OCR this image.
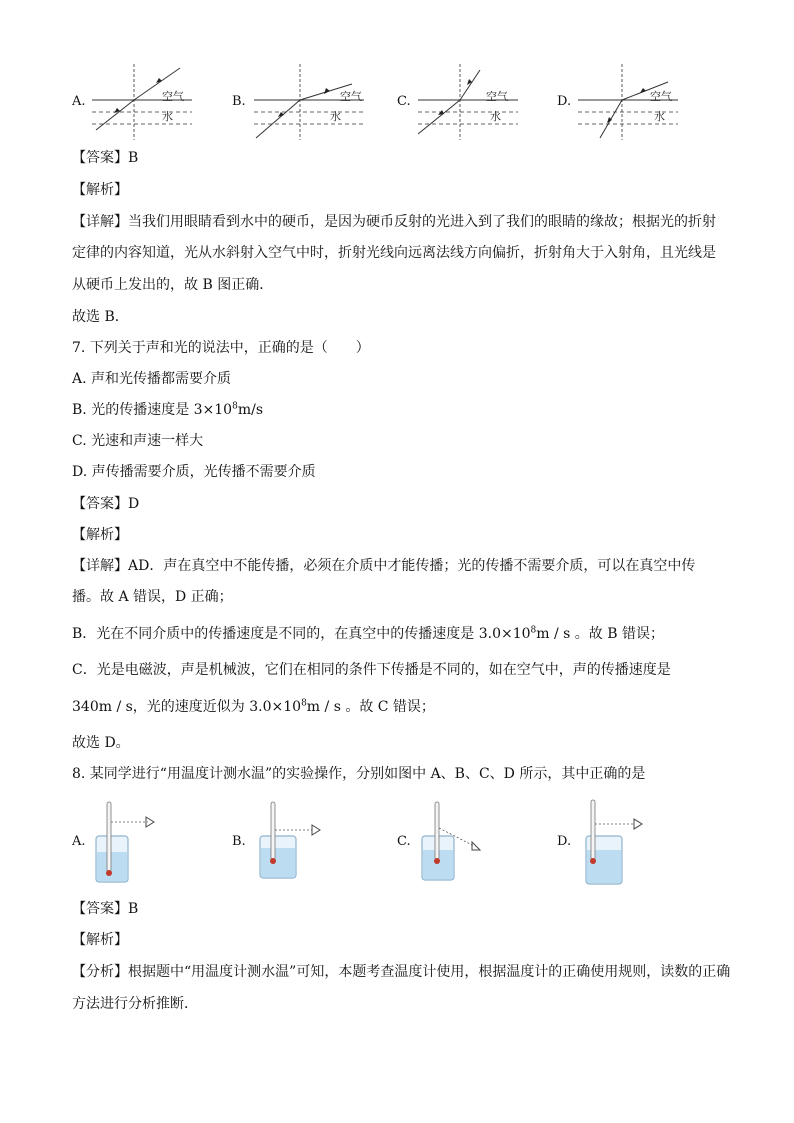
A.	空气
水
B.	空气
水
C.	空气
水
D.	空气
水
【答案】B
【解析】
【详解】当我们用眼睛看到水中的硬币，是因为硬币反射的光进入到了我们的眼睛的缘故；根据光的折射
定律的内容知道，光从水斜射入空气中时，折射光线向远离法线方向偏折，折射角大于入射角，且光线是
从硬币上发出的，故 B 图正确．
故选 B．
7. 下列关于声和光的说法中，正确的是（　　）
A. 声和光传播都需要介质
B. 光的传播速度是 $3\times 10^8m/s$
C. 光速和声速一样大
D. 声传播需要介质，光传播不需要介质
【答案】D
【解析】
【详解】AD．声在真空中不能传播，必须在介质中才能传播；光的传播不需要介质，可以在真空中传
播。故 A 错误，D 正确；
B．光在不同介质中的传播速度是不同的，在真空中的传播速度是 $3.0\times 10^8m / s$ 。故 B 错误；
C．光是电磁波，声是机械波，它们在相同的条件下传播是不同的，如在空气中，声的传播速度是
340m / s，光的速度近似为 $3.0\times 10^8m / s$ 。故 C 错误；
故选 D。
8. 某同学进行“用温度计测水温”的实验操作，分别如图中 A、B、C、D 所示，其中正确的是
A.	B.	C.	D.
【答案】B
【解析】
【分析】根据题中“用温度计测水温”可知，本题考查温度计使用，根据温度计的正确使用规则，读数的正确
方法进行分析推断．
